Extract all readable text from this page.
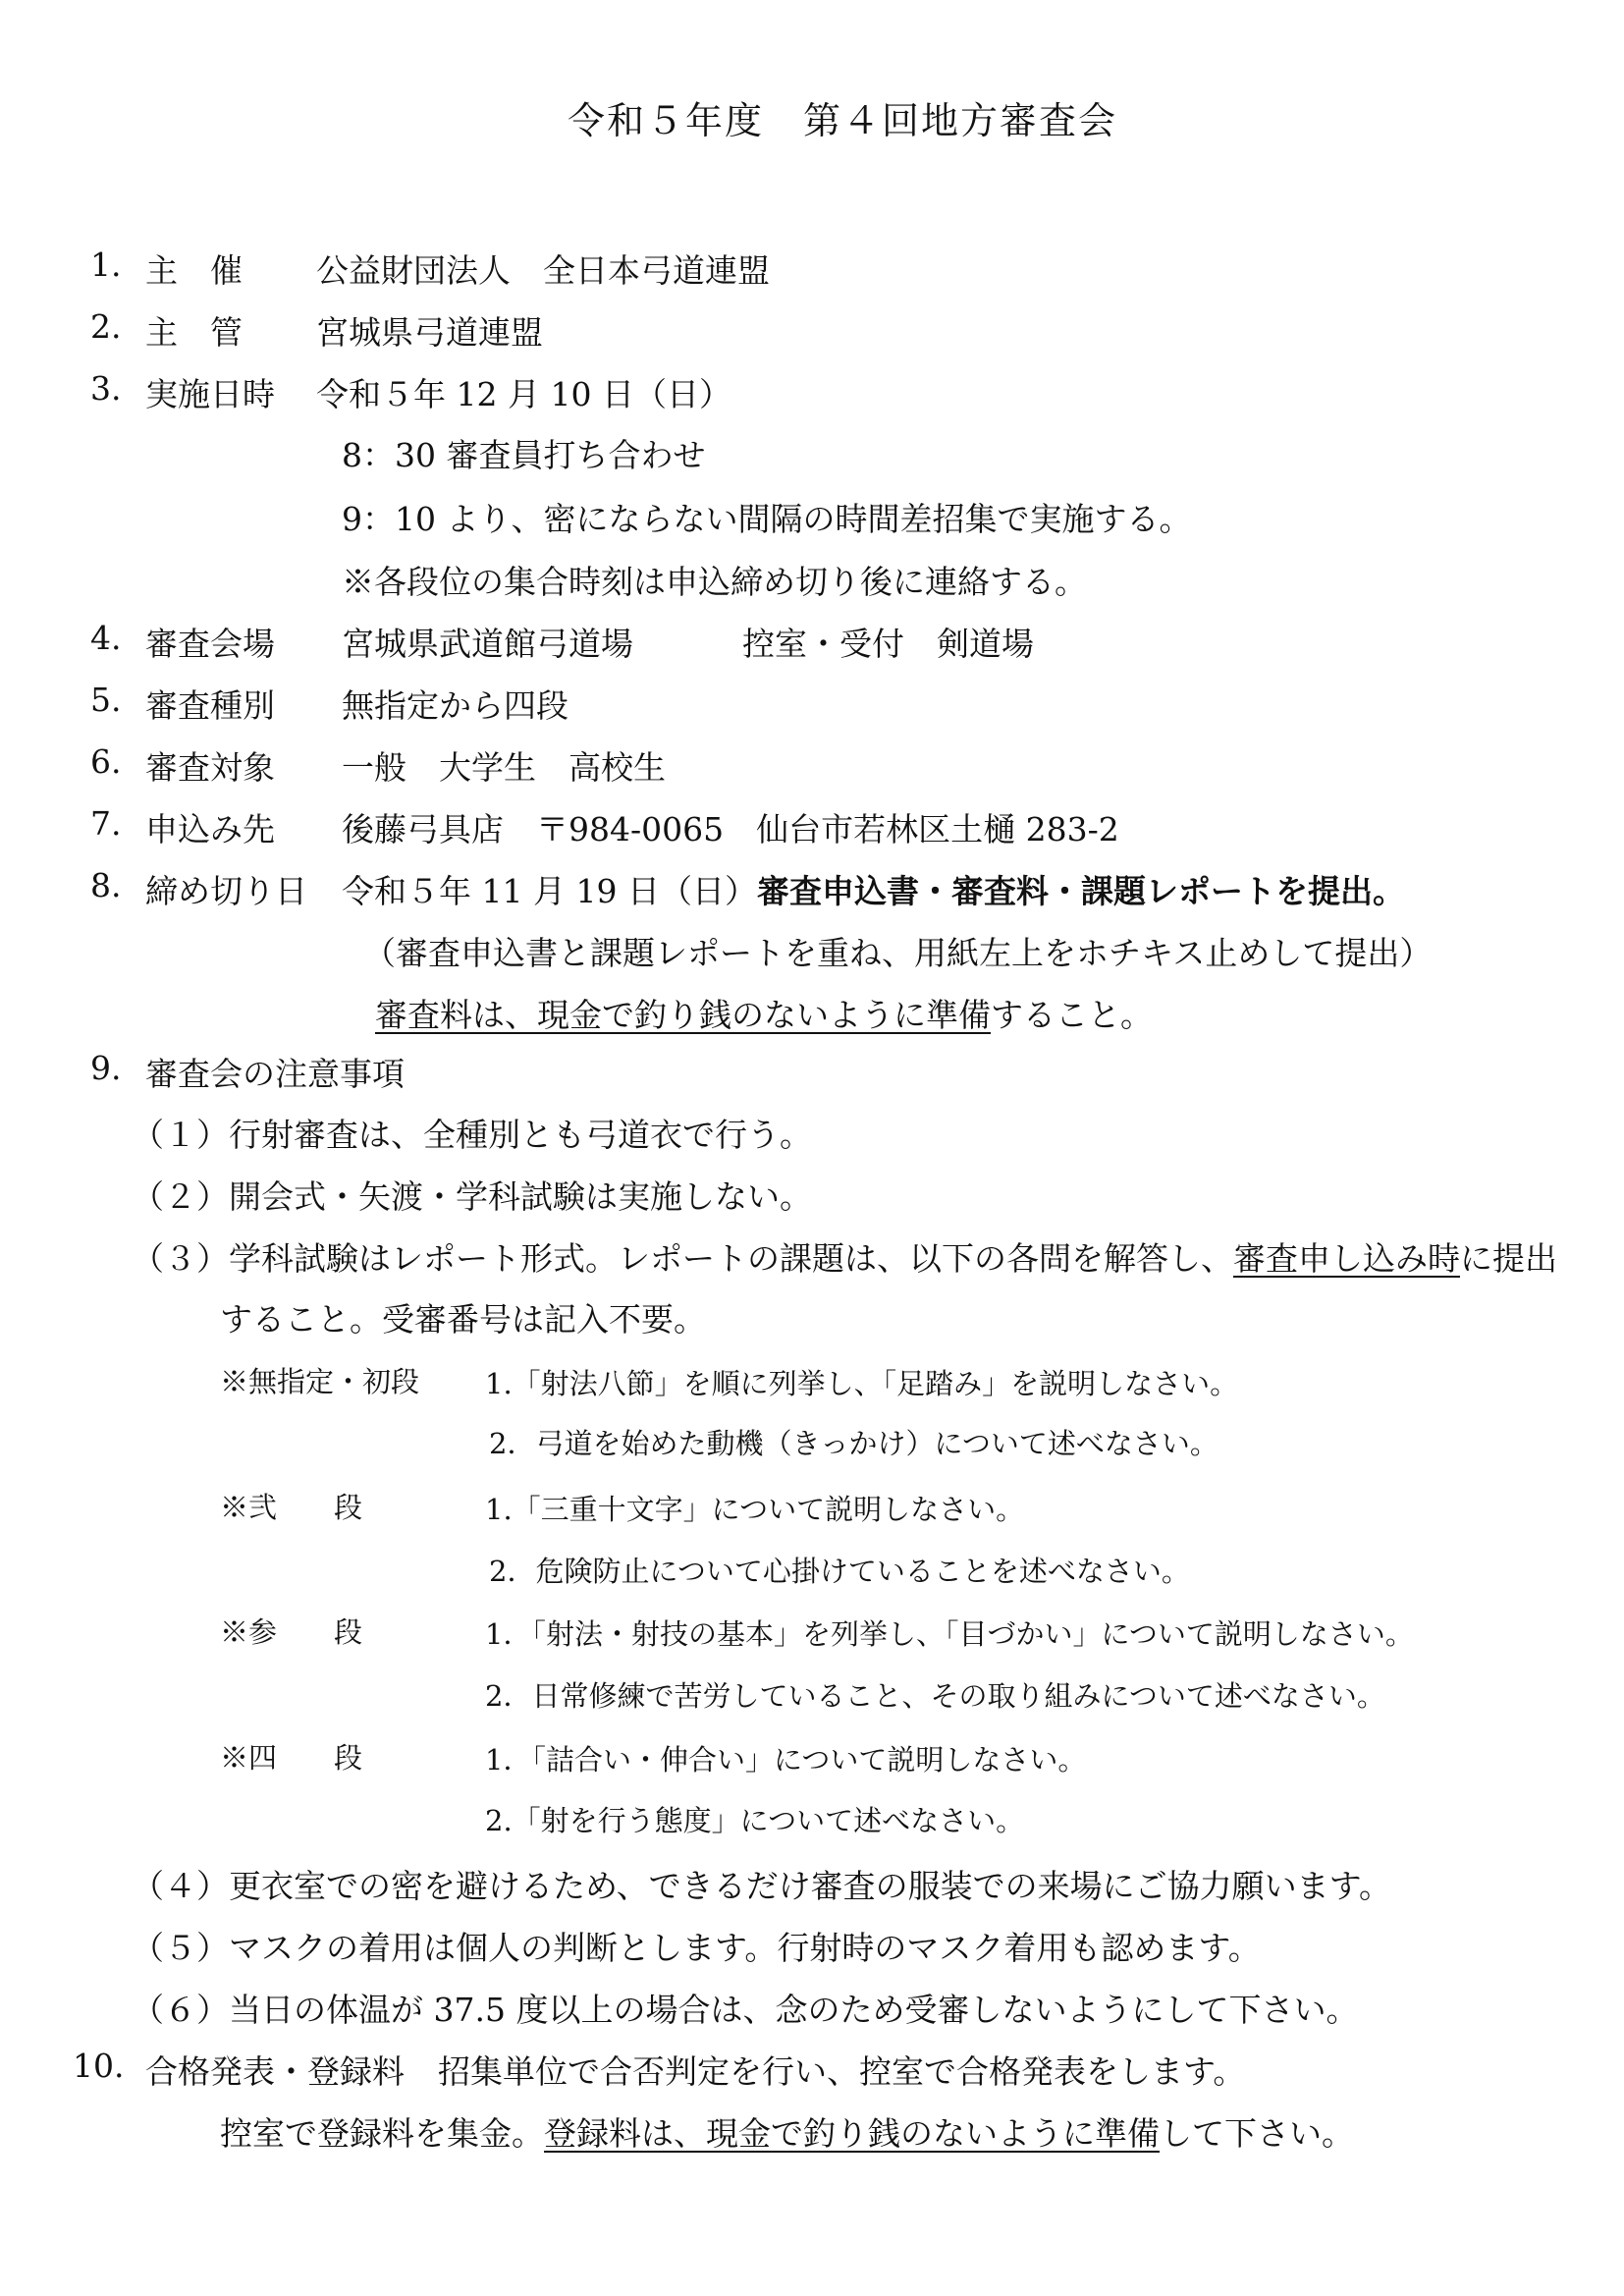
令和５年度　第４回地方審査会
1. 主　催 公益財団法人　全日本弓道連盟
2. 主　管 宮城県弓道連盟
3. 実施日時 令和５年 12 月 10 日（日）
8：30 審査員打ち合わせ
9：10 より、密にならない間隔の時間差招集で実施する。
※各段位の集合時刻は申込締め切り後に連絡する。
4. 審査会場 宮城県武道館弓道場	控室・受付　剣道場
5. 審査種別 無指定から四段
6. 審査対象 一般　大学生　高校生
7. 申込み先 後藤弓具店　〒984-0065　仙台市若林区土樋 283-2
8. 締め切り日 令和５年 11 月 19 日（日）審査申込書・審査料・課題レポートを提出。
（審査申込書と課題レポートを重ね、用紙左上をホチキス止めして提出）
審査料は、現金で釣り銭のないように準備すること。
9. 審査会の注意事項
（１）行射審査は、全種別とも弓道衣で行う。
（２）開会式・矢渡・学科試験は実施しない。
（３）学科試験はレポート形式。レポートの課題は、以下の各問を解答し、審査申し込み時に提出
すること。受審番号は記入不要。
※無指定・初段 1.「射法八節」を順に列挙し、「足踏み」を説明しなさい。
2．弓道を始めた動機（きっかけ）について述べなさい。
※弐　　段	1.「三重十文字」について説明しなさい。
2．危険防止について心掛けていることを述べなさい。
※参　　段	1．「射法・射技の基本」を列挙し、「目づかい」について説明しなさい。
2．日常修練で苦労していること、その取り組みについて述べなさい。
※四　　段	1．「詰合い・伸合い」について説明しなさい。
2.「射を行う態度」について述べなさい。
（４）更衣室での密を避けるため、できるだけ審査の服装での来場にご協力願います。
（５）マスクの着用は個人の判断とします。行射時のマスク着用も認めます。
（６）当日の体温が 37.5 度以上の場合は、念のため受審しないようにして下さい。
10. 合格発表・登録料 招集単位で合否判定を行い、控室で合格発表をします。
控室で登録料を集金。登録料は、現金で釣り銭のないように準備して下さい。
